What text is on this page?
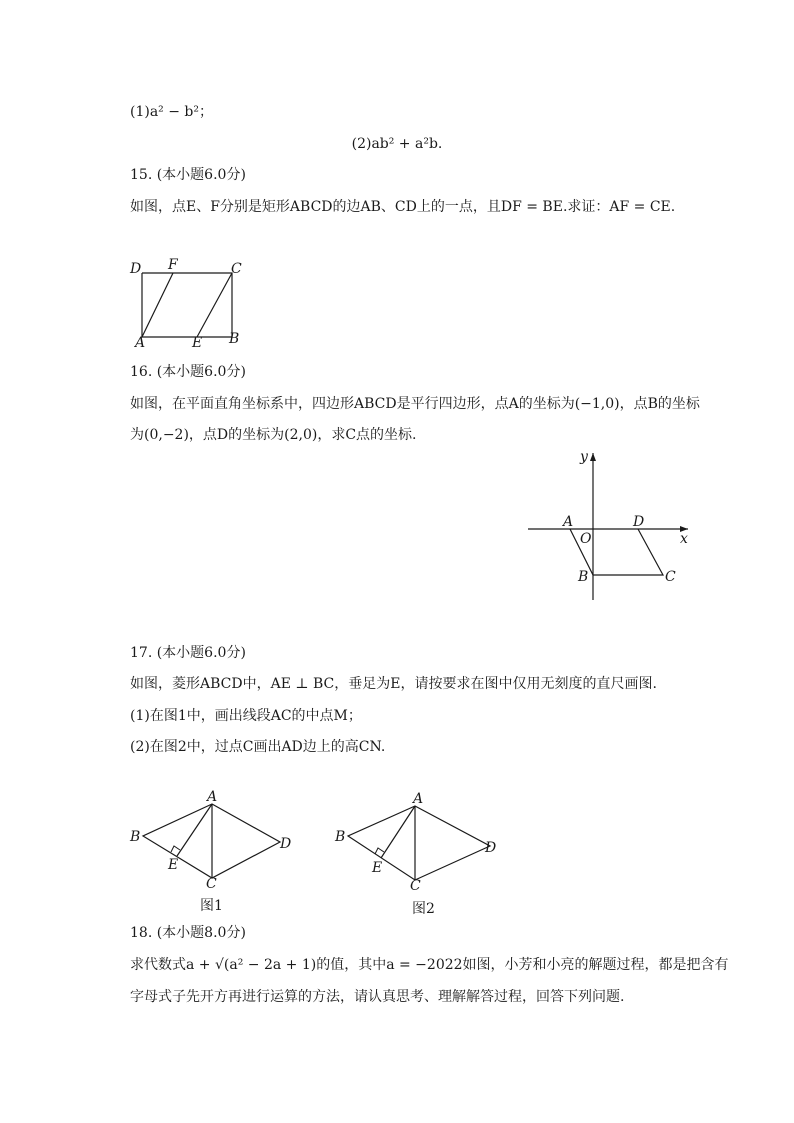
(1)a² − b²；
(2)ab² + a²b.
15. (本小题6.0分)
如图，点E、F分别是矩形ABCD的边AB、CD上的一点，且DF = BE.求证：AF = CE.
D F	C
A	E B
16. (本小题6.0分)
如图，在平面直角坐标系中，四边形ABCD是平行四边形，点A的坐标为(−1,0)，点B的坐标
为(0,−2)，点D的坐标为(2,0)，求C点的坐标.
y
x
A
O
D
B	C
17. (本小题6.0分)
如图，菱形ABCD中，AE ⊥ BC，垂足为E，请按要求在图中仅用无刻度的直尺画图.
(1)在图1中，画出线段AC的中点M；
(2)在图2中，过点C画出AD边上的高CN.
A
B
C
D
E
图1
A
B
C
D
E
图2
18. (本小题8.0分)
求代数式a + √(a² − 2a + 1)的值，其中a = −2022如图，小芳和小亮的解题过程，都是把含有
字母式子先开方再进行运算的方法，请认真思考、理解解答过程，回答下列问题.
